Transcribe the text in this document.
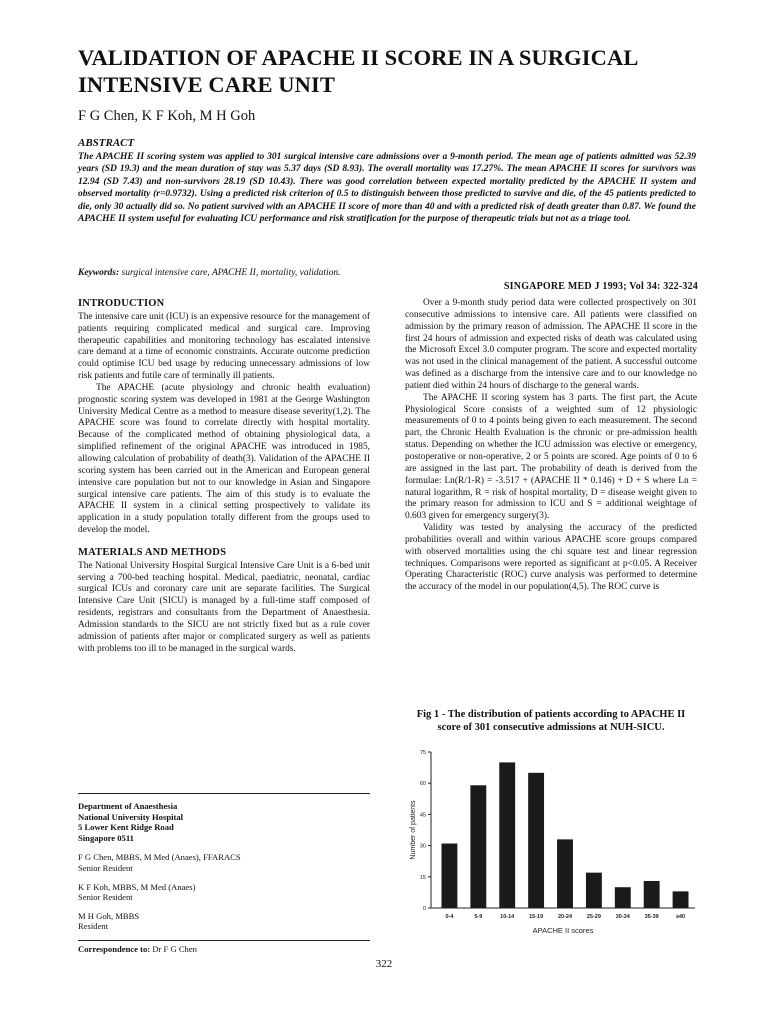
VALIDATION OF APACHE II SCORE IN A SURGICAL INTENSIVE CARE UNIT
F G Chen, K F Koh, M H Goh
ABSTRACT

The APACHE II scoring system was applied to 301 surgical intensive care admissions over a 9-month period. The mean age of patients admitted was 52.39 years (SD 19.3) and the mean duration of stay was 5.37 days (SD 8.93). The overall mortality was 17.27%. The mean APACHE II scores for survivors was 12.94 (SD 7.43) and non-survivors 28.19 (SD 10.43). There was good correlation between expected mortality predicted by the APACHE II system and observed mortality (r=0.9732). Using a predicted risk criterion of 0.5 to distinguish between those predicted to survive and die, of the 45 patients predicted to die, only 30 actually did so. No patient survived with an APACHE II score of more than 40 and with a predicted risk of death greater than 0.87. We found the APACHE II system useful for evaluating ICU performance and risk stratification for the purpose of therapeutic trials but not as a triage tool.

Keywords: surgical intensive care, APACHE II, mortality, validation.

SINGAPORE MED J 1993; Vol 34: 322-324
INTRODUCTION

The intensive care unit (ICU) is an expensive resource for the management of patients requiring complicated medical and surgical care. Improving therapeutic capabilities and monitoring technology has escalated intensive care demand at a time of economic constraints. Accurate outcome prediction could optimise ICU bed usage by reducing unnecessary admissions of low risk patients and futile care of terminally ill patients.

The APACHE (acute physiology and chronic health evaluation) prognostic scoring system was developed in 1981 at the George Washington University Medical Centre as a method to measure disease severity(1,2). The APACHE score was found to correlate directly with hospital mortality. Because of the complicated method of obtaining physiological data, a simplified refinement of the original APACHE was introduced in 1985, allowing calculation of probability of death(3). Validation of the APACHE II scoring system has been carried out in the American and European general intensive care population but not to our knowledge in Asian and Singapore surgical intensive care patients. The aim of this study is to evaluate the APACHE II system in a clinical setting prospectively to validate its application in a study population totally different from the groups used to develop the model.

MATERIALS AND METHODS

The National University Hospital Surgical Intensive Care Unit is a 6-bed unit serving a 700-bed teaching hospital. Medical, paediatric, neonatal, cardiac surgical ICUs and coronary care unit are separate facilities. The Surgical Intensive Care Unit (SICU) is managed by a full-time staff composed of residents, registrars and consultants from the Department of Anaesthesia. Admission standards to the SICU are not strictly fixed but as a rule cover admission of patients after major or complicated surgery as well as patients with problems too ill to be managed in the surgical wards.

Department of Anaesthesia
National University Hospital
5 Lower Kent Ridge Road
Singapore 0511
F G Chen, MBBS, M Med (Anaes), FFARACS
Senior Resident
K F Koh, MBBS, M Med (Anaes)
Senior Resident
M H Goh, MBBS
Resident
Correspondence to: Dr F G Chen

Over a 9-month study period data were collected prospectively on 301 consecutive admissions to intensive care. All patients were classified on admission by the primary reason of admission. The APACHE II score in the first 24 hours of admission and expected risks of death was calculated using the Microsoft Excel 3.0 computer program. The score and expected mortality was not used in the clinical management of the patient. A successful outcome was defined as a discharge from the intensive care and to our knowledge no patient died within 24 hours of discharge to the general wards.

The APACHE II scoring system has 3 parts. The first part, the Acute Physiological Score consists of a weighted sum of 12 physiologic measurements of 0 to 4 points being given to each measurement. The second part, the Chronic Health Evaluation is the chronic or pre-admission health status. Depending on whether the ICU admission was elective or emergency, postoperative or non-operative, 2 or 5 points are scored. Age points of 0 to 6 are assigned in the last part. The probability of death is derived from the formulae: Ln(R/1-R) = -3.517 + (APACHE II * 0.146) + D + S where Ln = natural logarithm, R = risk of hospital mortality, D = disease weight given to the primary reason for admission to ICU and S = additional weightage of 0.603 given for emergency surgery(3).

Validity was tested by analysing the accuracy of the predicted probabilities overall and within various APACHE score groups compared with observed mortalities using the chi square test and linear regression techniques. Comparisons were reported as significant at p<0.05. A Receiver Operating Characteristic (ROC) curve analysis was performed to determine the accuracy of the model in our population(4,5). The ROC curve is

Fig 1 - The distribution of patients according to APACHE II score of 301 consecutive admissions at NUH-SICU.

0
15
30
45
60
75
Number of patients
0-4	5-9	10-14	15-19	20-24	25-29	30-34	35-39	≥40
APACHE II scores
322
